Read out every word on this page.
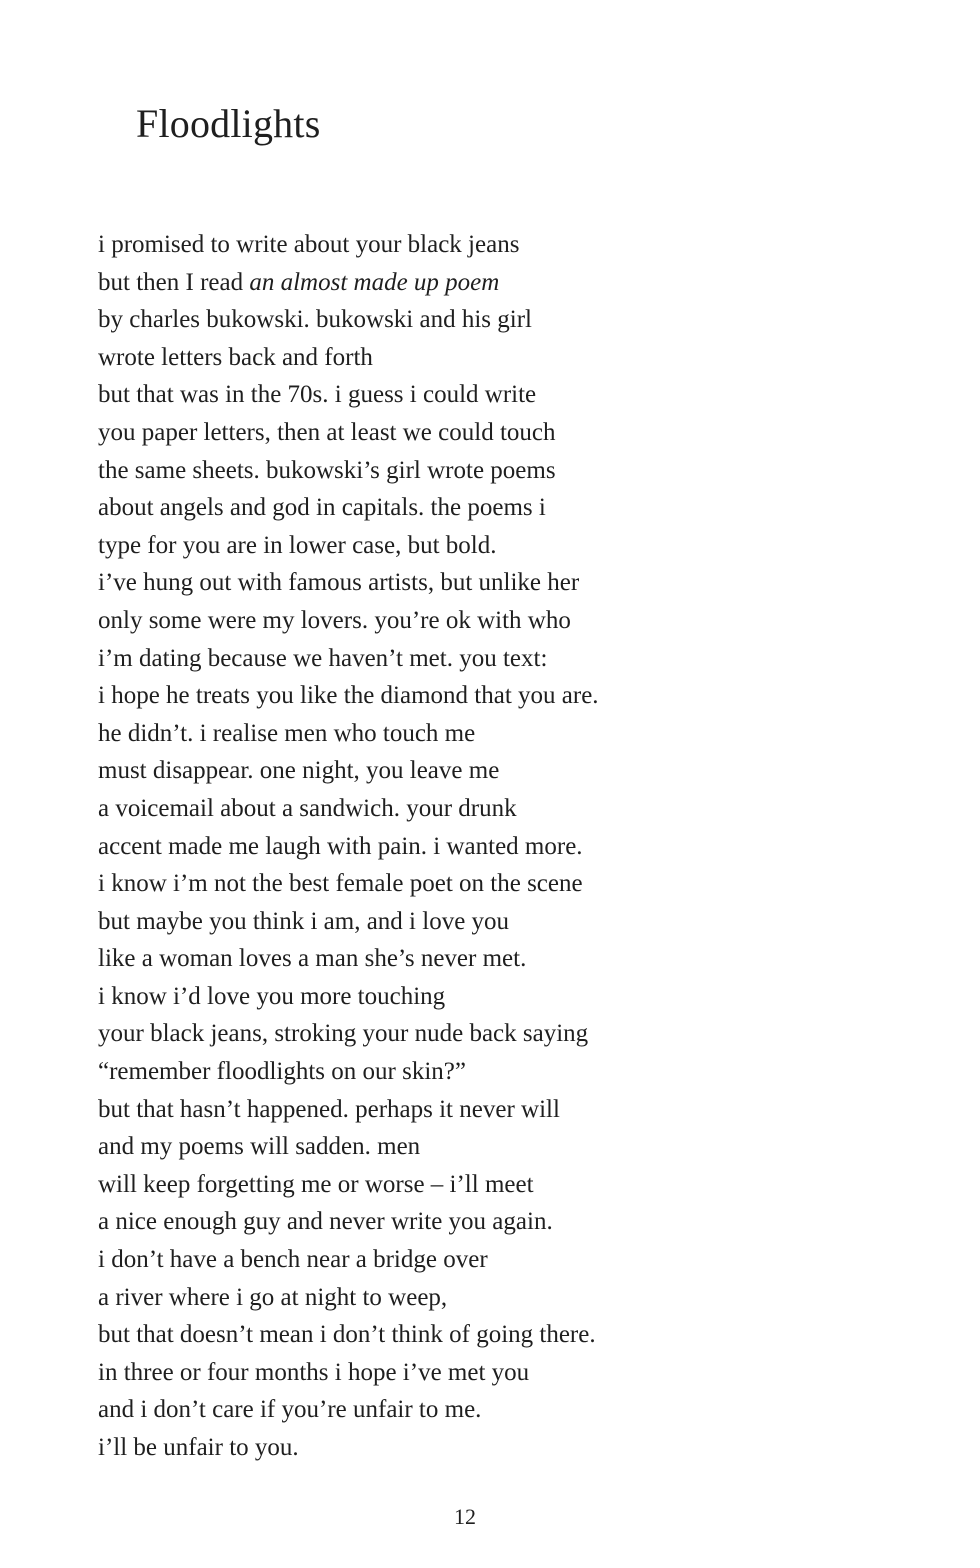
Floodlights
i promised to write about your black jeans
but then I read an almost made up poem
by charles bukowski. bukowski and his girl
wrote letters back and forth
but that was in the 70s. i guess i could write
you paper letters, then at least we could touch
the same sheets. bukowski’s girl wrote poems
about angels and god in capitals. the poems i
type for you are in lower case, but bold.
i’ve hung out with famous artists, but unlike her
only some were my lovers. you’re ok with who
i’m dating because we haven’t met. you text:
i hope he treats you like the diamond that you are.
he didn’t. i realise men who touch me
must disappear. one night, you leave me
a voicemail about a sandwich. your drunk
accent made me laugh with pain. i wanted more.
i know i’m not the best female poet on the scene
but maybe you think i am, and i love you
like a woman loves a man she’s never met.
i know i’d love you more touching
your black jeans, stroking your nude back saying
“remember floodlights on our skin?”
but that hasn’t happened. perhaps it never will
and my poems will sadden. men
will keep forgetting me or worse – i’ll meet
a nice enough guy and never write you again.
i don’t have a bench near a bridge over
a river where i go at night to weep,
but that doesn’t mean i don’t think of going there.
in three or four months i hope i’ve met you
and i don’t care if you’re unfair to me.
i’ll be unfair to you.
12
